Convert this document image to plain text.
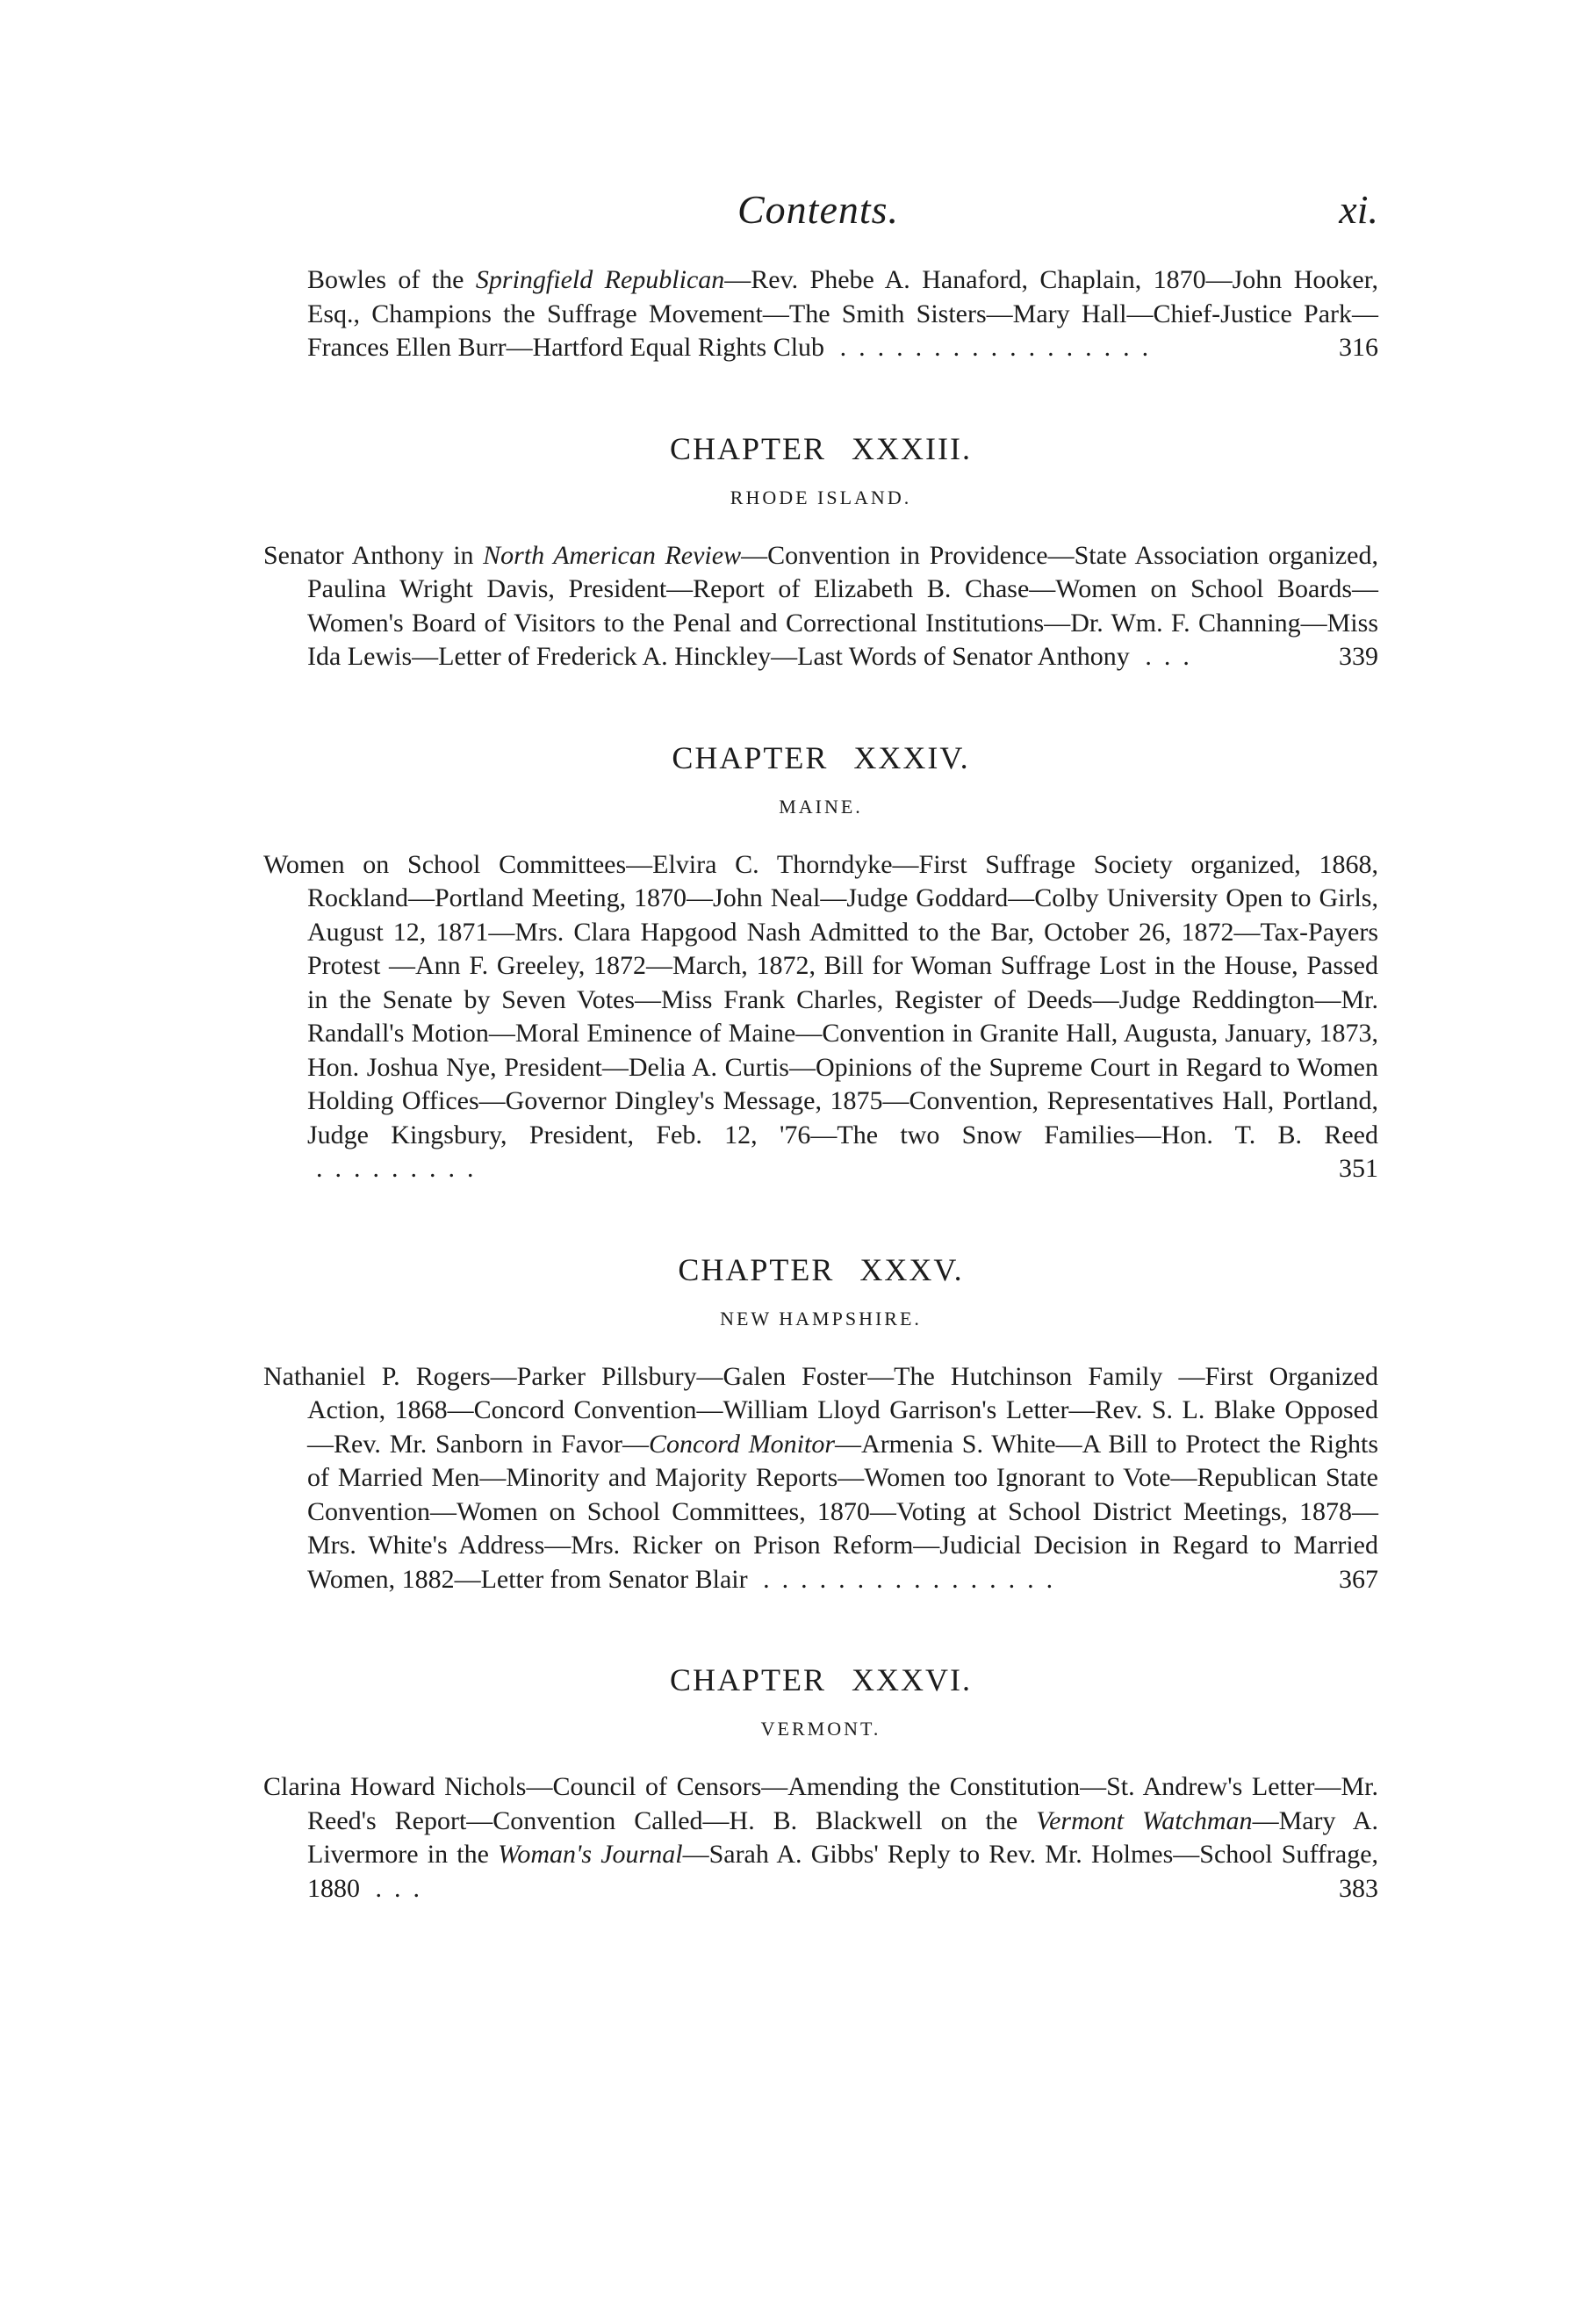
Contents.	xi.
Bowles of the Springfield Republican—Rev. Phebe A. Hanaford, Chaplain, 1870—John Hooker, Esq., Champions the Suffrage Movement—The Smith Sisters—Mary Hall—Chief-Justice Park—Frances Ellen Burr—Hartford Equal Rights Club .................	316
CHAPTER XXXIII.
RHODE ISLAND.
Senator Anthony in North American Review—Convention in Providence—State Association organized, Paulina Wright Davis, President—Report of Elizabeth B. Chase—Women on School Boards—Women's Board of Visitors to the Penal and Correctional Institutions—Dr. Wm. F. Channing—Miss Ida Lewis—Letter of Frederick A. Hinckley—Last Words of Senator Anthony ...	339
CHAPTER XXXIV.
MAINE.
Women on School Committees—Elvira C. Thorndyke—First Suffrage Society organized, 1868, Rockland—Portland Meeting, 1870—John Neal—Judge Goddard—Colby University Open to Girls, August 12, 1871—Mrs. Clara Hapgood Nash Admitted to the Bar, October 26, 1872—Tax-Payers Protest —Ann F. Greeley, 1872—March, 1872, Bill for Woman Suffrage Lost in the House, Passed in the Senate by Seven Votes—Miss Frank Charles, Register of Deeds—Judge Reddington—Mr. Randall's Motion—Moral Eminence of Maine—Convention in Granite Hall, Augusta, January, 1873, Hon. Joshua Nye, President—Delia A. Curtis—Opinions of the Supreme Court in Regard to Women Holding Offices—Governor Dingley's Message, 1875—Convention, Representatives Hall, Portland, Judge Kingsbury, President, Feb. 12, '76—The two Snow Families—Hon. T. B. Reed .........	351
CHAPTER XXXV.
NEW HAMPSHIRE.
Nathaniel P. Rogers—Parker Pillsbury—Galen Foster—The Hutchinson Family —First Organized Action, 1868—Concord Convention—William Lloyd Garrison's Letter—Rev. S. L. Blake Opposed—Rev. Mr. Sanborn in Favor—Concord Monitor—Armenia S. White—A Bill to Protect the Rights of Married Men—Minority and Majority Reports—Women too Ignorant to Vote—Republican State Convention—Women on School Committees, 1870—Voting at School District Meetings, 1878—Mrs. White's Address—Mrs. Ricker on Prison Reform—Judicial Decision in Regard to Married Women, 1882—Letter from Senator Blair ................	367
CHAPTER XXXVI.
VERMONT.
Clarina Howard Nichols—Council of Censors—Amending the Constitution—St. Andrew's Letter—Mr. Reed's Report—Convention Called—H. B. Blackwell on the Vermont Watchman—Mary A. Livermore in the Woman's Journal—Sarah A. Gibbs' Reply to Rev. Mr. Holmes—School Suffrage, 1880 ...	383
